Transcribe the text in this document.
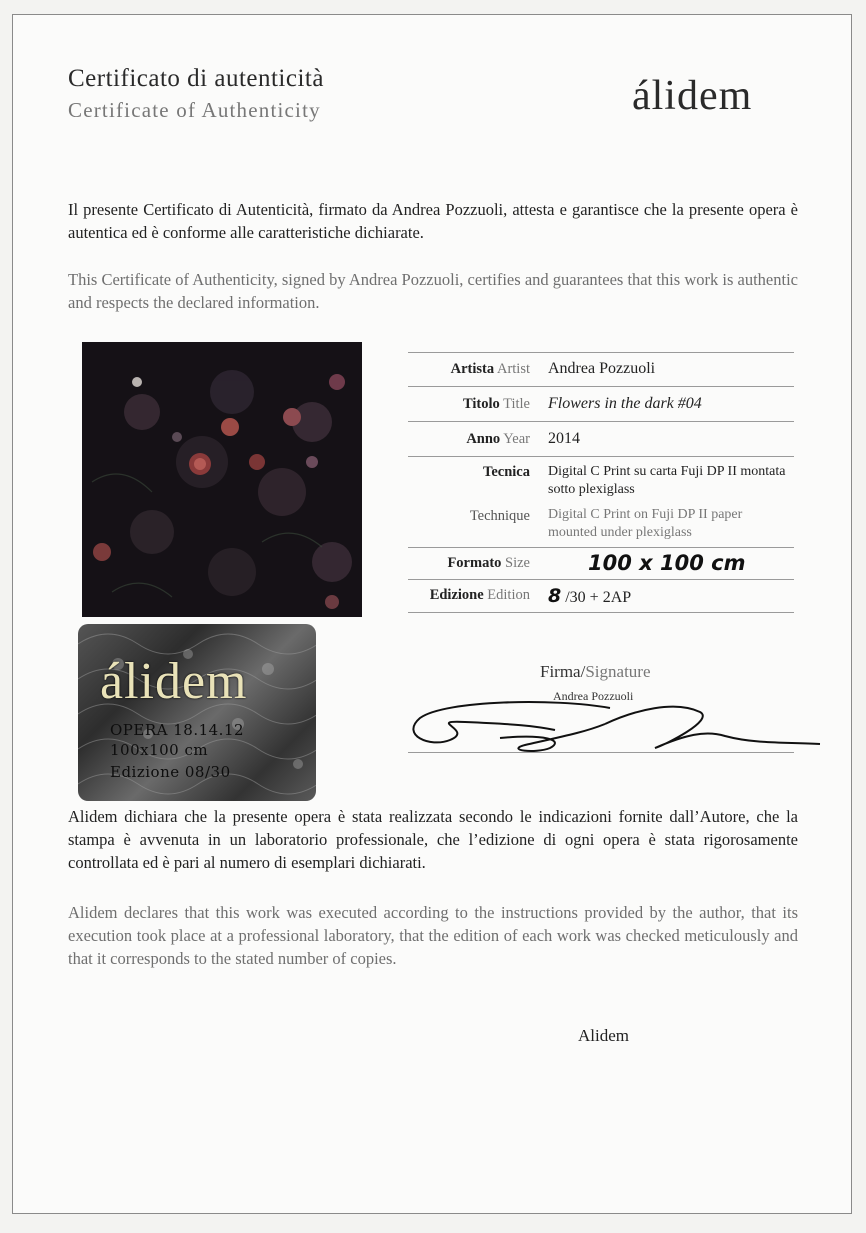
Certificato di autenticità
Certificate of Authenticity	álidem

Il presente Certificato di Autenticità, firmato da Andrea Pozzuoli, attesta e garantisce che la presente opera è autentica ed è conforme alle caratteristiche dichiarate.

This Certificate of Authenticity, signed by Andrea Pozzuoli, certifies and guarantees that this work is authentic and respects the declared information.

álidem
OPERA 18.14.12
100x100 cm
Edizione 08/30
Artista Artist Andrea Pozzuoli
Titolo Title Flowers in the dark #04
Anno Year 2014
Tecnica Digital C Print su carta Fuji DP II montata sotto plexiglass
Technique Digital C Print on Fuji DP II paper mounted under plexiglass
Formato Size	100 x 100 cm
Edizione Edition 8 /30 + 2AP
Firma/Signature
Andrea Pozzuoli

Alidem dichiara che la presente opera è stata realizzata secondo le indicazioni fornite dall’Autore, che la stampa è avvenuta in un laboratorio professionale, che l’edizione di ogni opera è stata rigorosamente controllata ed è pari al numero di esemplari dichiarati.

Alidem declares that this work was executed according to the instructions provided by the author, that its execution took place at a professional laboratory, that the edition of each work was checked meticulously and that it corresponds to the stated number of copies.

Alidem
